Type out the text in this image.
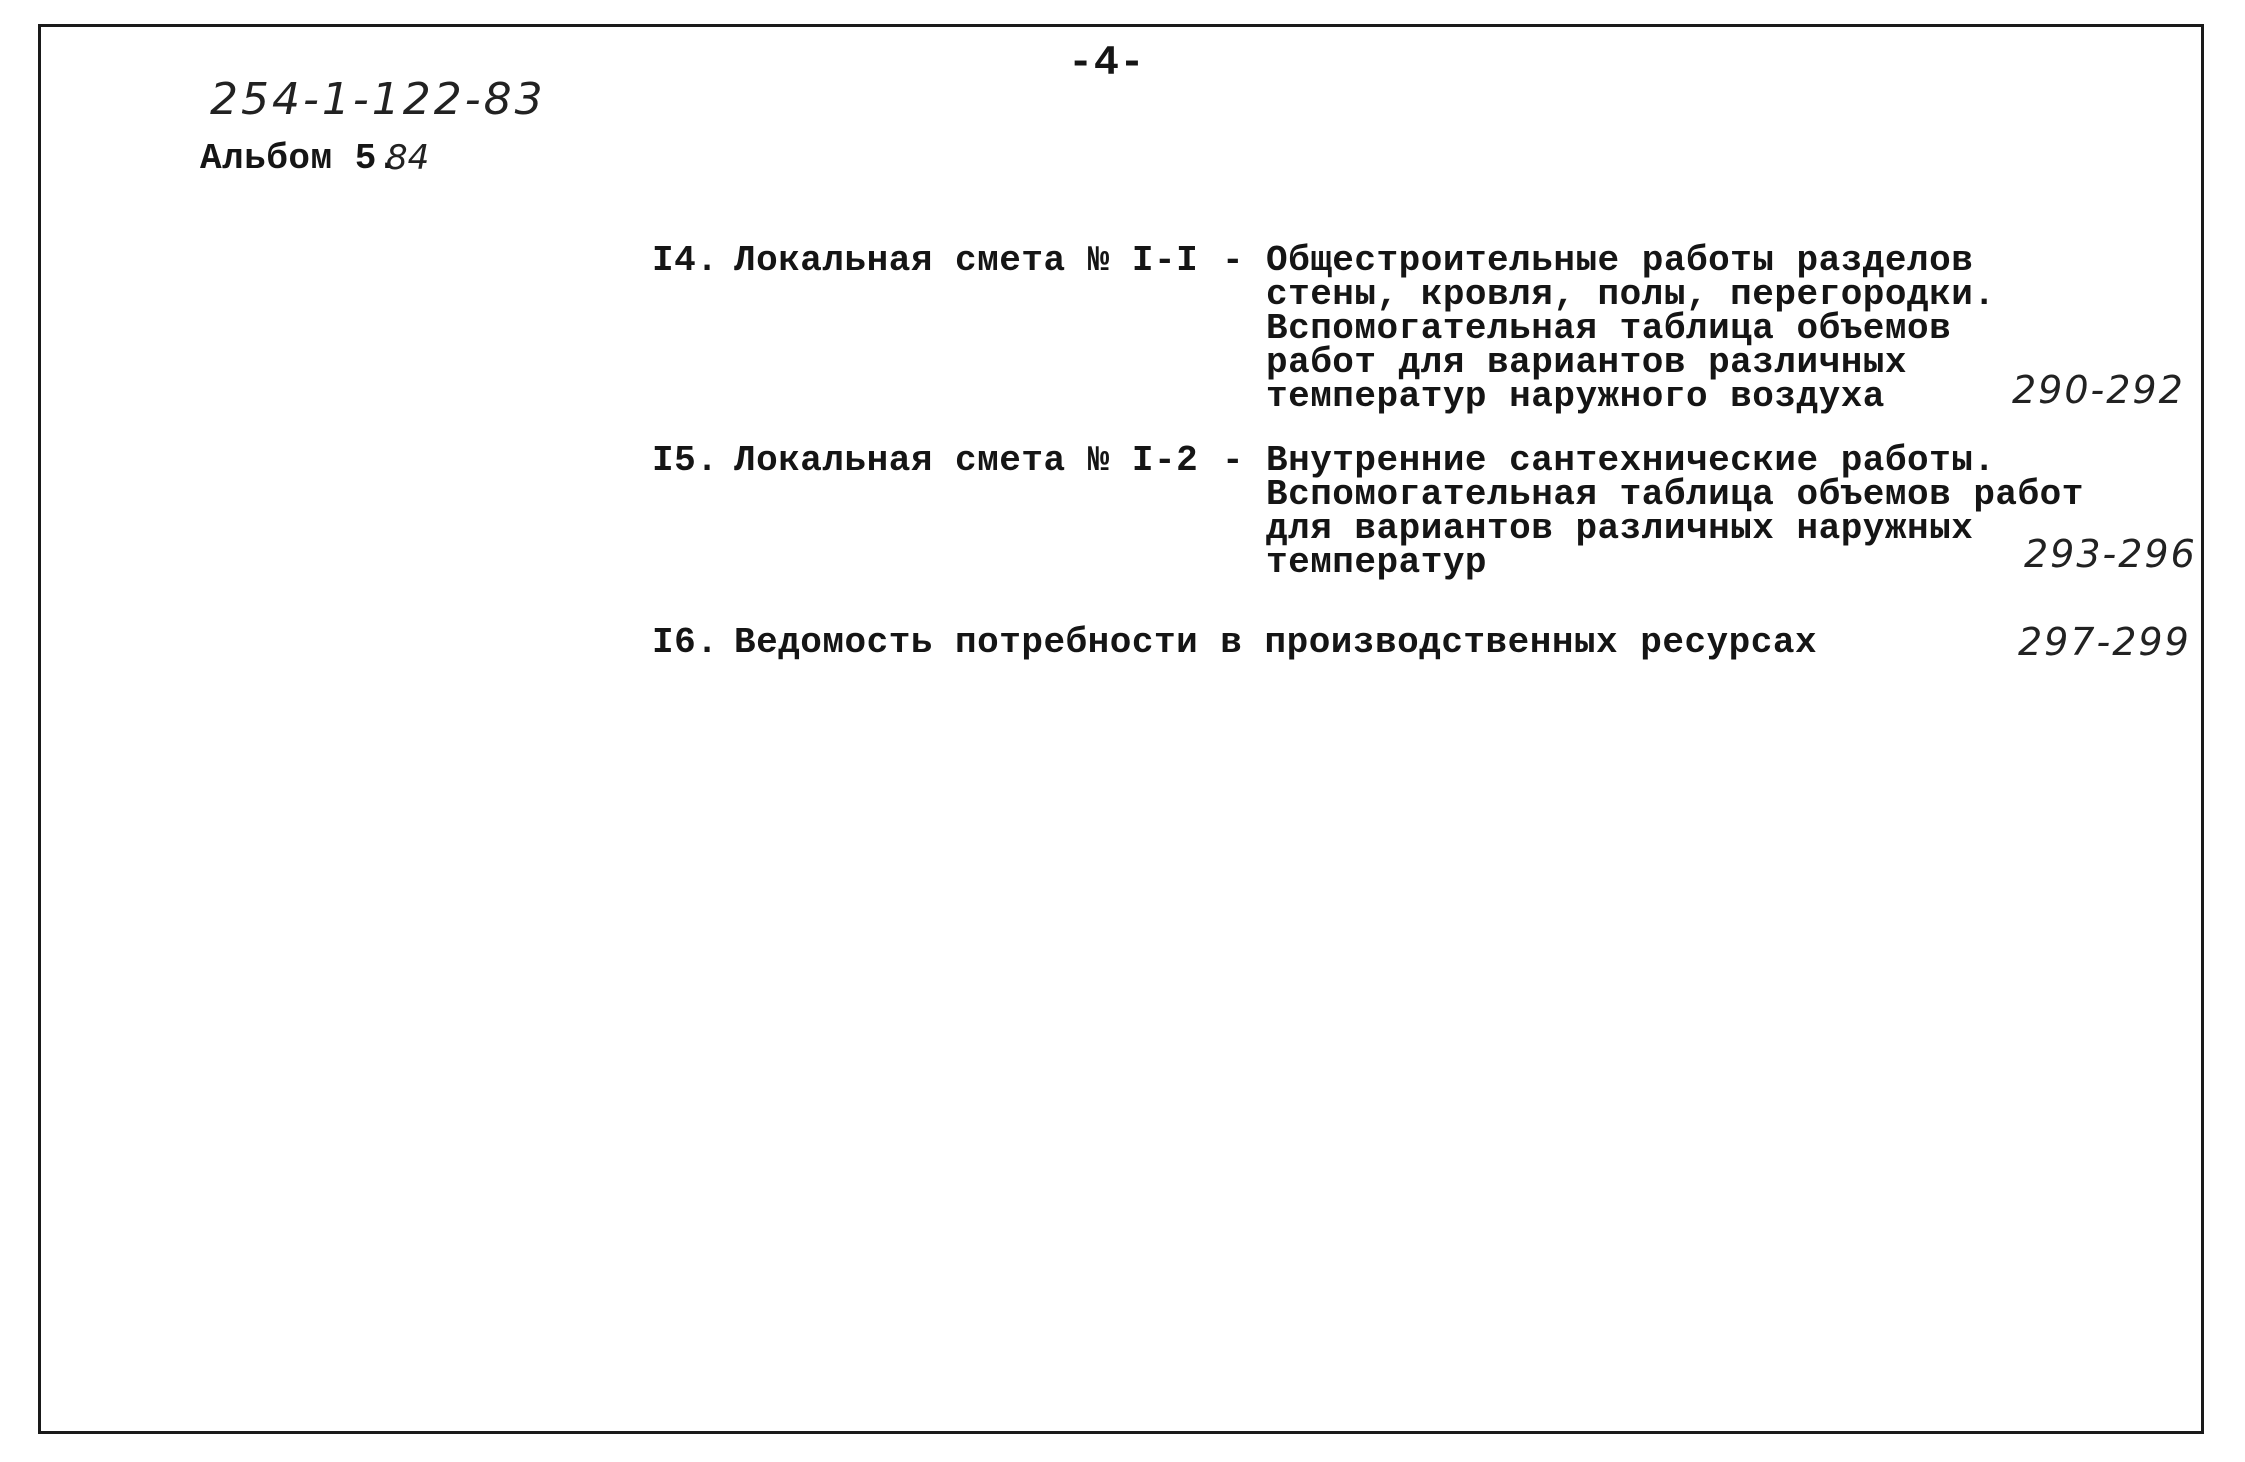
254-1-122-83
-4-
Альбом 5.
84
I4. Локальная смета № I-I - Общестроительные работы разделов
стены, кровля, полы, перегородки.
Вспомогательная таблица объемов
работ для вариантов различных
температур наружного воздуха	290-292
I5. Локальная смета № I-2 - Внутренние сантехнические работы.
Вспомогательная таблица объемов работ
для вариантов различных наружных
температур	293-296
I6. Ведомость потребности в производственных ресурсах	297-299
